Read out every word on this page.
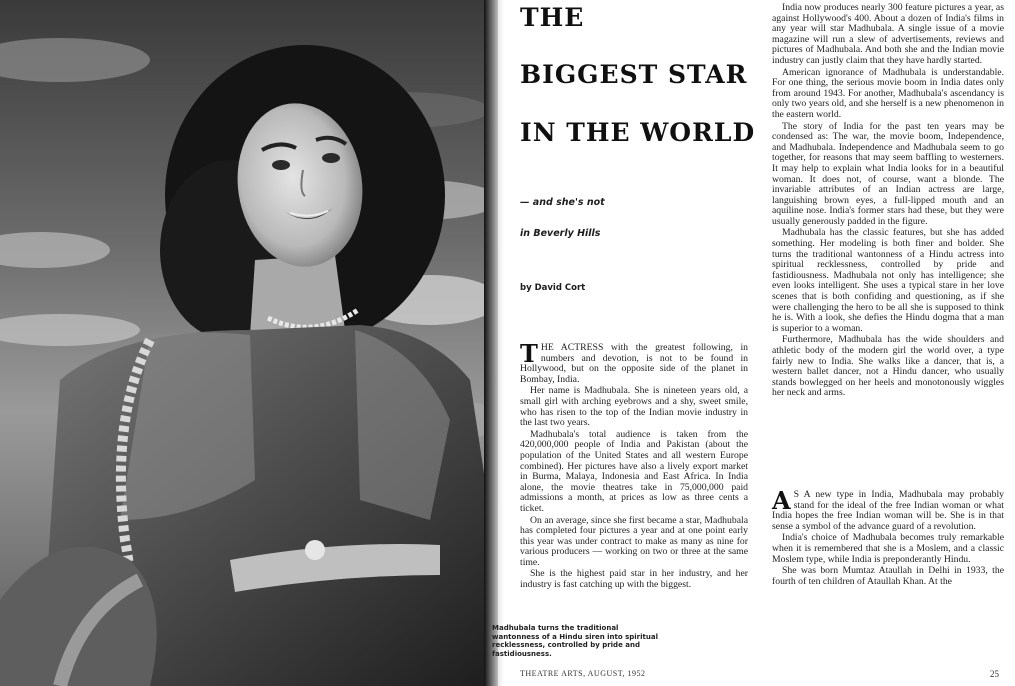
THE
BIGGEST STAR
IN THE WORLD
— and she's not
in Beverly Hills
by David Cort

THE ACTRESS with the greatest following, in numbers and devotion, is not to be found in Hollywood, but on the opposite side of the planet in Bombay, India.

Her name is Madhubala. She is nineteen years old, a small girl with arching eyebrows and a shy, sweet smile, who has risen to the top of the Indian movie industry in the last two years.

Madhubala's total audience is taken from the 420,000,000 people of India and Pakistan (about the population of the United States and all western Europe combined). Her pictures have also a lively export market in Burma, Malaya, Indonesia and East Africa. In India alone, the movie theatres take in 75,000,000 paid admissions a month, at prices as low as three cents a ticket.

On an average, since she first became a star, Madhubala has completed four pictures a year and at one point early this year was under contract to make as many as nine for various producers — working on two or three at the same time.

She is the highest paid star in her industry, and her industry is fast catching up with the biggest.

India now produces nearly 300 feature pictures a year, as against Hollywood's 400. About a dozen of India's films in any year will star Madhubala. A single issue of a movie magazine will run a slew of advertisements, reviews and pictures of Madhubala. And both she and the Indian movie industry can justly claim that they have hardly started.

American ignorance of Madhubala is understandable. For one thing, the serious movie boom in India dates only from around 1943. For another, Madhubala's ascendancy is only two years old, and she herself is a new phenomenon in the eastern world.

The story of India for the past ten years may be condensed as: The war, the movie boom, Independence, and Madhubala. Independence and Madhubala seem to go together, for reasons that may seem baffling to westerners. It may help to explain what India looks for in a beautiful woman. It does not, of course, want a blonde. The invariable attributes of an Indian actress are large, languishing brown eyes, a full-lipped mouth and an aquiline nose. India's former stars had these, but they were usually generously padded in the figure.

Madhubala has the classic features, but she has added something. Her modeling is both finer and bolder. She turns the traditional wantonness of a Hindu actress into spiritual recklessness, controlled by pride and fastidiousness. Madhubala not only has intelligence; she even looks intelligent. She uses a typical stare in her love scenes that is both confiding and questioning, as if she were challenging the hero to be all she is supposed to think he is. With a look, she defies the Hindu dogma that a man is superior to a woman.

Furthermore, Madhubala has the wide shoulders and athletic body of the modern girl the world over, a type fairly new to India. She walks like a dancer, that is, a western ballet dancer, not a Hindu dancer, who usually stands bowlegged on her heels and monotonously wiggles her neck and arms.

A S A new type in India, Madhubala may probably stand for the ideal of the free Indian woman or what India hopes the free Indian woman will be. She is in that sense a symbol of the advance guard of a revolution.

India's choice of Madhubala becomes truly remarkable when it is remembered that she is a Moslem, and a classic Moslem type, while India is preponderantly Hindu.

She was born Mumtaz Ataullah in Delhi in 1933, the fourth of ten children of Ataullah Khan. At the

Madhubala turns the traditional wantonness of a Hindu siren into spiritual recklessness, controlled by pride and fastidiousness.
THEATRE ARTS, AUGUST, 1952	25
